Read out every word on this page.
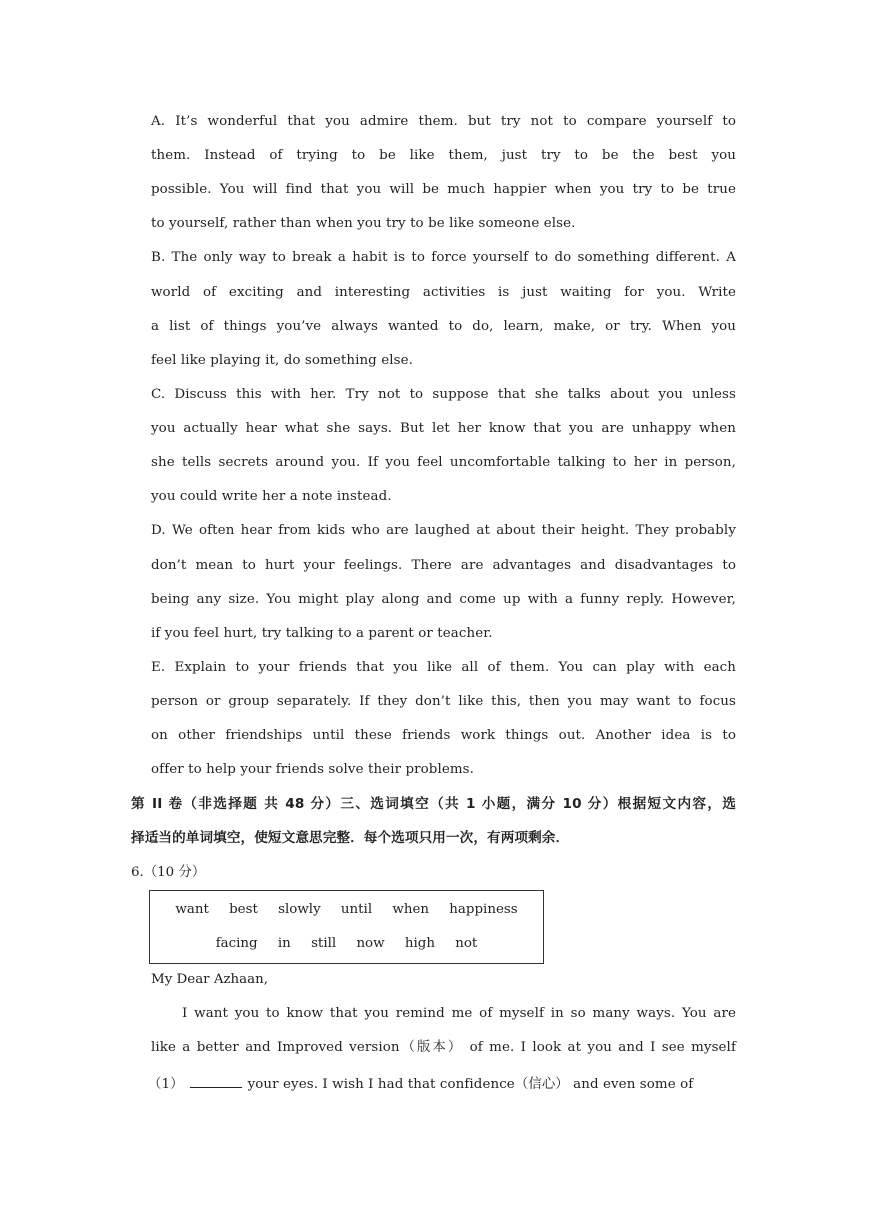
A. It’s wonderful that you admire them. but try not to compare yourself to
them. Instead of trying to be like them, just try to be the best you
possible. You will find that you will be much happier when you try to be true
to yourself, rather than when you try to be like someone else.
B. The only way to break a habit is to force yourself to do something different. A
world of exciting and interesting activities is just waiting for you. Write
a list of things you’ve always wanted to do, learn, make, or try. When you
feel like playing it, do something else.
C. Discuss this with her. Try not to suppose that she talks about you unless
you actually hear what she says. But let her know that you are unhappy when
she tells secrets around you. If you feel uncomfortable talking to her in person,
you could write her a note instead.
D. We often hear from kids who are laughed at about their height. They probably
don’t mean to hurt your feelings. There are advantages and disadvantages to
being any size. You might play along and come up with a funny reply. However,
if you feel hurt, try talking to a parent or teacher.
E. Explain to your friends that you like all of them. You can play with each
person or group separately. If they don’t like this, then you may want to focus
on other friendships until these friends work things out. Another idea is to
offer to help your friends solve their problems.
第 II 卷（非选择题 共 48 分）三、选词填空（共 1 小题，满分 10 分）根据短文内容，选
择适当的单词填空，使短文意思完整．每个选项只用一次，有两项剩余．
6.（10 分）
want best slowly until when happiness
facing in still now high not
My Dear Azhaan,
I want you to know that you remind me of myself in so many ways. You are
like a better and Improved version（版本） of me. I look at you and I see myself
（1）	your eyes. I wish I had that confidence（信心） and even some of
